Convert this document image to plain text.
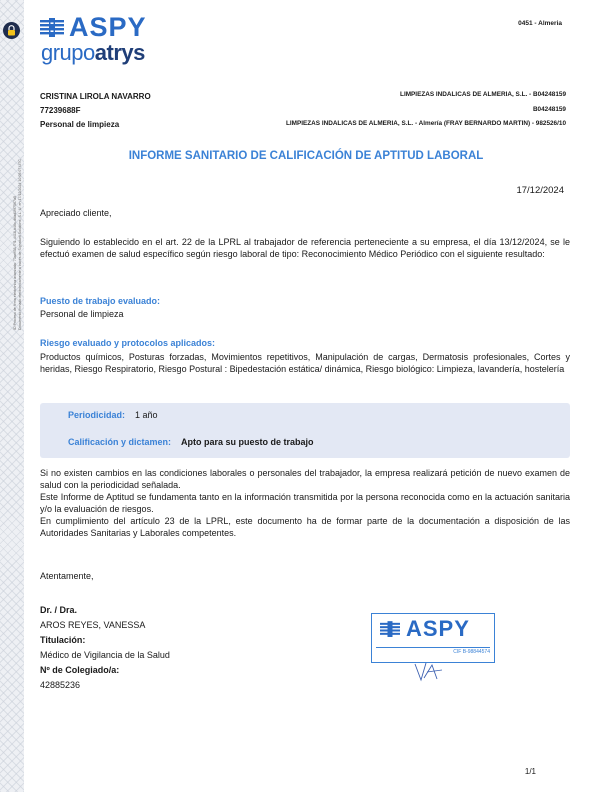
ID Proceso de firma electrónica avanzada: 73acff38-f7f1-4418-b46c-d6ad1f97567a5 Documento firmado electrónicamente a través de Signaturit Solutions, S.L. U. en 17/12/2024 10:05:07 UTC
ASPY
grupoatrys
0451 - Almeria
CRISTINA LIROLA NAVARRO
77239688F
Personal de limpieza
LIMPIEZAS INDALICAS DE ALMERIA, S.L. - B04248159
B04248159
LIMPIEZAS INDALICAS DE ALMERIA, S.L. - Almería (FRAY BERNARDO MARTIN) - 982526/10
INFORME SANITARIO DE CALIFICACIÓN DE APTITUD LABORAL
17/12/2024
Apreciado cliente,
Siguiendo lo establecido en el art. 22 de la LPRL al trabajador de referencia perteneciente a su empresa, el día 13/12/2024, se le efectuó examen de salud específico según riesgo laboral de tipo: Reconocimiento Médico Periódico con el siguiente resultado:
Puesto de trabajo evaluado:
Personal de limpieza
Riesgo evaluado y protocolos aplicados:
Productos químicos, Posturas forzadas, Movimientos repetitivos, Manipulación de cargas, Dermatosis profesionales, Cortes y heridas, Riesgo Respiratorio, Riesgo Postural : Bipedestación estática/ dinámica, Riesgo biológico: Limpieza, lavandería, hostelería
Periodicidad: 1 año
Calificación y dictamen: Apto para su puesto de trabajo
Si no existen cambios en las condiciones laborales o personales del trabajador, la empresa realizará petición de nuevo examen de salud con la periodicidad señalada.
Este Informe de Aptitud se fundamenta tanto en la información transmitida por la persona reconocida como en la actuación sanitaria y/o la evaluación de riesgos.
En cumplimiento del artículo 23 de la LPRL, este documento ha de formar parte de la documentación a disposición de las Autoridades Sanitarias y Laborales competentes.
Atentamente,
Dr. / Dra.
AROS REYES, VANESSA
Titulación:
Médico de Vigilancia de la Salud
Nº de Colegiado/a:
42885236
ASPY
CIF B-98844574
1/1
